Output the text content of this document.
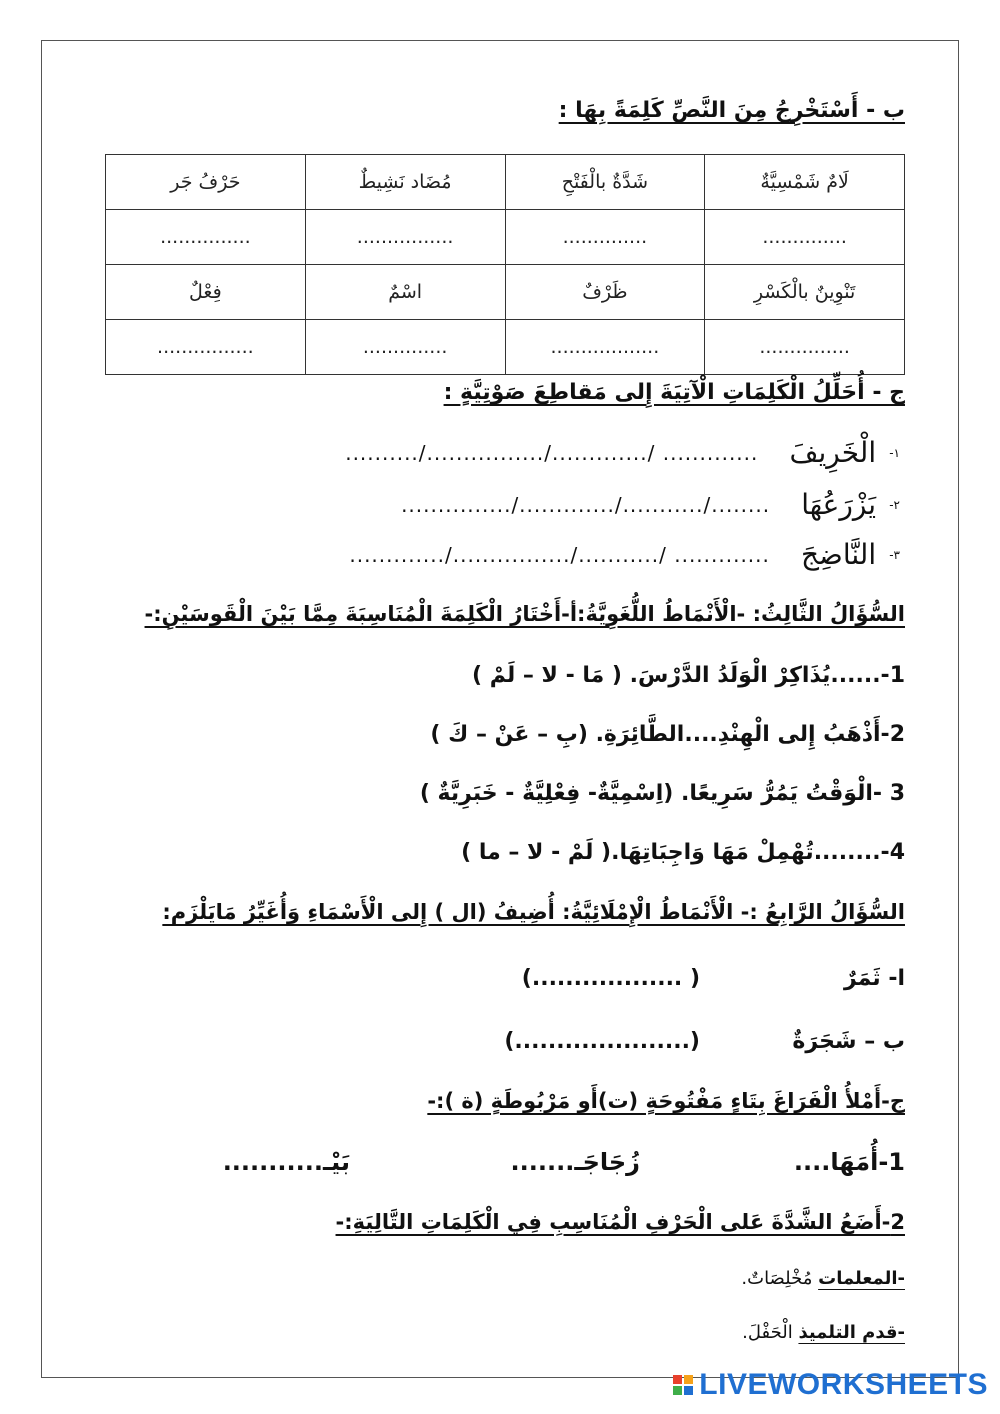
ب - أَسْتَخْرِجُ مِنَ النَّصِّ كَلِمَةً بِهَا :
لَامٌ شَمْسِيَّةٌ	شَدَّةٌ بالْفَتْحِ	مُضَاد نَشِيطٌ	حَرْفُ جَر
..............	..............	................	...............
تَنْوِينٌ بالْكَسْرِ	ظَرْفٌ	اسْمٌ	فِعْلٌ
...............	..................	..............	................
ج - أُحَلِّلُ الْكَلِمَاتِ الْآتِيَةَ إِلى مَقاطِعَ صَوْتِيَّةٍ :
١- الْخَرِيفَ ............. /............./................/..........
٢- يَزْرَعُهَا ......../.........../............./...............
٣- النَّاضِجَ ............. /.........../................/.............
السُّؤَالُ الثَّالِثُ: -الْأَنْمَاطُ اللُّغَوِيَّةُ:أ-أَخْتَارُ الْكَلِمَةَ الْمُنَاسِبَةَ مِمَّا بَيْنَ الْقَوسَيْنِ:-
1-......يُذَاكِرْ الْوَلَدُ الدَّرْسَ. ( مَا - لا – لَمْ )
2-أَذْهَبُ إِلى الْهِنْدِ....الطَّائِرَةِ. (بِ – عَنْ – كَ )
3 -الْوَقْتُ يَمُرُّ سَرِيعًا. (اِسْمِيَّةٌ- فِعْلِيَّةٌ - خَبَرِيَّةٌ )
4-........تُهْمِلْ مَهَا وَاجِبَاتِهَا.( لَمْ - لا – ما )
السُّؤَالُ الرَّابِعُ :- الْأَنْمَاطُ الْإِمْلَائِيَّةُ: أُضِيفُ (ال ) إِلى الْأَسْمَاءِ وَأُغَيِّرُ مَايَلْزَم:
ا- ثَمَرٌ
( ..................)
ب – شَجَرَةٌ
(.....................)
ج-أَمْلأُ الْفَرَاغَ بِتَاءٍ مَفْتُوحَةٍ (ت)أَو مَرْبُوطَةٍ (ة ):-
1-أُمَهَا....
زُجَاجَـ.......
بَيْـ...........
2-أَضَعُ الشَّدَّةَ عَلى الْحَرْفِ الْمُنَاسِبِ فِي الْكَلِمَاتِ التَّالِيَةِ:-
-المعلمات مُخْلِصَاتٌ.
-قدم التلميذ الْحَفْلَ.
LIVEWORKSHEETS
